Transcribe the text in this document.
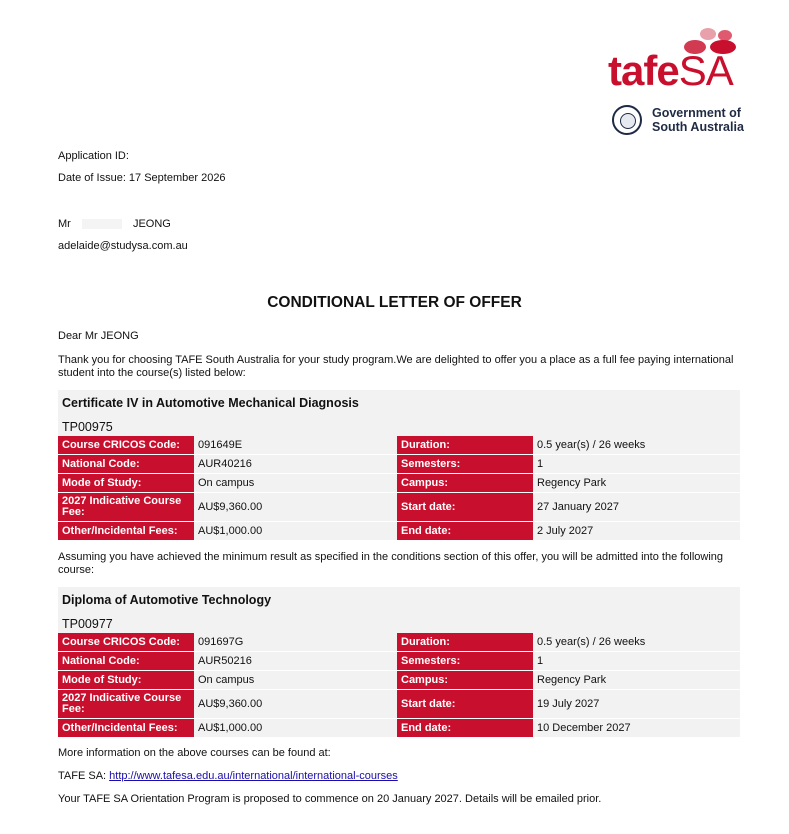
tafeSA
Government of
South Australia
Application ID:
Date of Issue: 17 September 2026
Mr	JEONG
adelaide@studysa.com.au
CONDITIONAL LETTER OF OFFER
Dear Mr JEONG
Thank you for choosing TAFE South Australia for your study program.We are delighted to offer you a place as a full fee paying international student into the course(s) listed below:
Certificate IV in Automotive Mechanical Diagnosis
TP00975
Course CRICOS Code:	091649E	Duration:	0.5 year(s) / 26 weeks
National Code:	AUR40216	Semesters:	1
Mode of Study:	On campus	Campus:	Regency Park
2027 Indicative Course Fee:	AU$9,360.00	Start date:	27 January 2027
Other/Incidental Fees:	AU$1,000.00	End date:	2 July 2027
Assuming you have achieved the minimum result as specified in the conditions section of this offer, you will be admitted into the following course:
Diploma of Automotive Technology
TP00977
Course CRICOS Code:	091697G	Duration:	0.5 year(s) / 26 weeks
National Code:	AUR50216	Semesters:	1
Mode of Study:	On campus	Campus:	Regency Park
2027 Indicative Course Fee:	AU$9,360.00	Start date:	19 July 2027
Other/Incidental Fees:	AU$1,000.00	End date:	10 December 2027
More information on the above courses can be found at:
TAFE SA: http://www.tafesa.edu.au/international/international-courses
Your TAFE SA Orientation Program is proposed to commence on 20 January 2027. Details will be emailed prior.
